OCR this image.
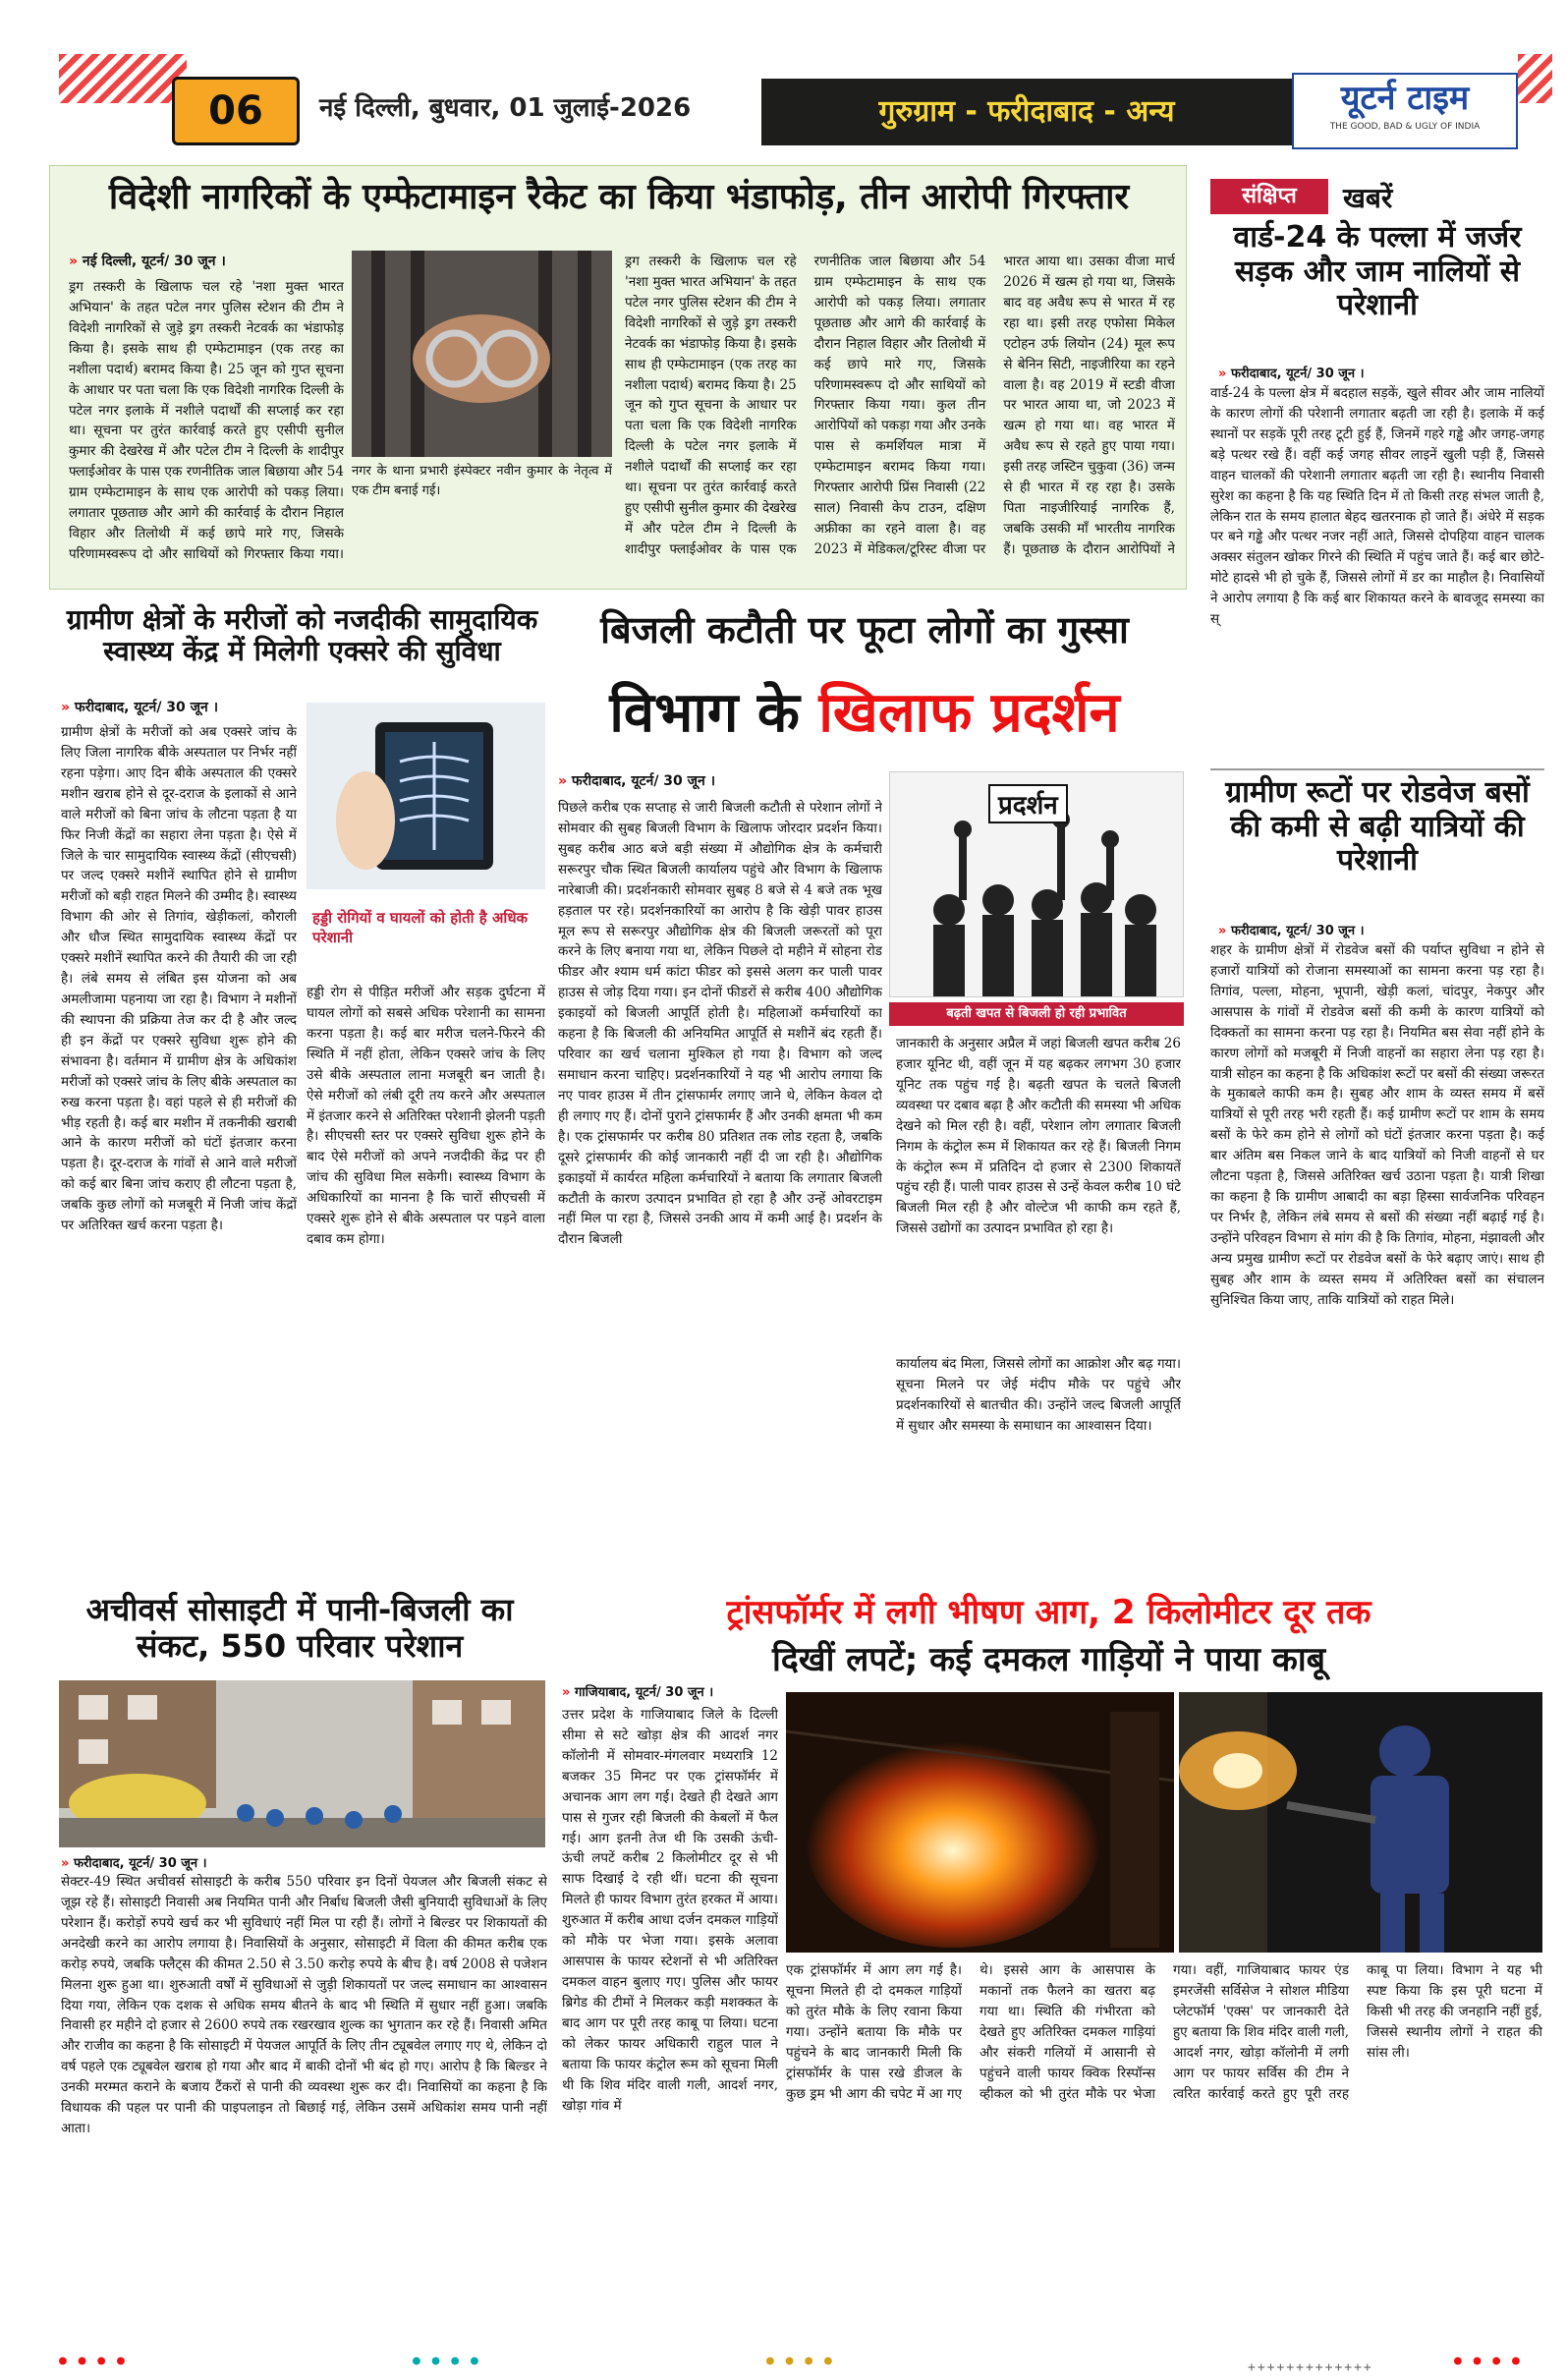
06	नई दिल्ली, बुधवार, 01 जुलाई-2026	गुरुग्राम - फरीदाबाद - अन्य	यूटर्न टाइम
THE GOOD, BAD & UGLY OF INDIA
विदेशी नागरिकों के एम्फेटामाइन रैकेट का किया भंडाफोड़, तीन आरोपी गिरफ्तार
» नई दिल्ली, यूटर्न/ 30 जून ।
नगर के थाना प्रभारी इंस्पेक्टर नवीन कुमार के नेतृत्व में एक टीम बनाई गई।
ड्रग तस्करी के खिलाफ चल रहे 'नशा मुक्त भारत अभियान' के तहत पटेल नगर पुलिस स्टेशन की टीम ने विदेशी नागरिकों से जुड़े ड्रग तस्करी नेटवर्क का भंडाफोड़ किया है। इसके साथ ही एम्फेटामाइन (एक तरह का नशीला पदार्थ) बरामद किया है। 25 जून को गुप्त सूचना के आधार पर पता चला कि एक विदेशी नागरिक दिल्ली के पटेल नगर इलाके में नशीले पदार्थों की सप्लाई कर रहा था। सूचना पर तुरंत कार्रवाई करते हुए एसीपी सुनील कुमार की देखरेख में और पटेल टीम ने दिल्ली के शादीपुर फ्लाईओवर के पास एक रणनीतिक जाल बिछाया और 54 ग्राम एम्फेटामाइन के साथ एक आरोपी को पकड़ लिया। लगातार पूछताछ और आगे की कार्रवाई के दौरान निहाल विहार और तिलोथी में कई छापे मारे गए, जिसके परिणामस्वरूप दो और साथियों को गिरफ्तार किया गया।
ड्रग तस्करी के खिलाफ चल रहे 'नशा मुक्त भारत अभियान' के तहत पटेल नगर पुलिस स्टेशन की टीम ने विदेशी नागरिकों से जुड़े ड्रग तस्करी नेटवर्क का भंडाफोड़ किया है। इसके साथ ही एम्फेटामाइन (एक तरह का नशीला पदार्थ) बरामद किया है। 25 जून को गुप्त सूचना के आधार पर पता चला कि एक विदेशी नागरिक दिल्ली के पटेल नगर इलाके में नशीले पदार्थों की सप्लाई कर रहा था। सूचना पर तुरंत कार्रवाई करते हुए एसीपी सुनील कुमार की देखरेख में और पटेल टीम ने दिल्ली के शादीपुर फ्लाईओवर के पास एक रणनीतिक जाल बिछाया और 54 ग्राम एम्फेटामाइन के साथ एक आरोपी को पकड़ लिया। लगातार पूछताछ और आगे की कार्रवाई के दौरान निहाल विहार और तिलोथी में कई छापे मारे गए, जिसके परिणामस्वरूप दो और साथियों को गिरफ्तार किया गया। कुल तीन आरोपियों को पकड़ा गया और उनके पास से कमर्शियल मात्रा में एम्फेटामाइन बरामद किया गया। गिरफ्तार आरोपी प्रिंस निवासी (22 साल) निवासी केप टाउन, दक्षिण अफ्रीका का रहने वाला है। वह 2023 में मेडिकल/टूरिस्ट वीजा पर भारत आया था। उसका वीजा मार्च 2026 में खत्म हो गया था, जिसके बाद वह अवैध रूप से भारत में रह रहा था। इसी तरह एफोसा मिकेल एटोहन उर्फ लियोन (24) मूल रूप से बेनिन सिटी, नाइजीरिया का रहने वाला है। वह 2019 में स्टडी वीजा पर भारत आया था, जो 2023 में खत्म हो गया था। वह भारत में अवैध रूप से रहते हुए पाया गया। इसी तरह जस्टिन चुकुवा (36) जन्म से ही भारत में रह रहा है। उसके पिता नाइजीरियाई नागरिक हैं, जबकि उसकी माँ भारतीय नागरिक हैं। पूछताछ के दौरान आरोपियों ने
संक्षिप्त	खबरें
वार्ड-24 के पल्ला में जर्जर सड़क और जाम नालियों से परेशानी
» फरीदाबाद, यूटर्न/ 30 जून ।
वार्ड-24 के पल्ला क्षेत्र में बदहाल सड़कें, खुले सीवर और जाम नालियों के कारण लोगों की परेशानी लगातार बढ़ती जा रही है। इलाके में कई स्थानों पर सड़कें पूरी तरह टूटी हुई हैं, जिनमें गहरे गड्ढे और जगह-जगह बड़े पत्थर रखे हैं। वहीं कई जगह सीवर लाइनें खुली पड़ी हैं, जिससे वाहन चालकों की परेशानी लगातार बढ़ती जा रही है। स्थानीय निवासी सुरेश का कहना है कि यह स्थिति दिन में तो किसी तरह संभल जाती है, लेकिन रात के समय हालात बेहद खतरनाक हो जाते हैं। अंधेरे में सड़क पर बने गड्ढे और पत्थर नजर नहीं आते, जिससे दोपहिया वाहन चालक अक्सर संतुलन खोकर गिरने की स्थिति में पहुंच जाते हैं। कई बार छोटे-मोटे हादसे भी हो चुके हैं, जिससे लोगों में डर का माहौल है। निवासियों ने आरोप लगाया है कि कई बार शिकायत करने के बावजूद समस्या का स्
ग्रामीण रूटों पर रोडवेज बसों की कमी से बढ़ी यात्रियों की परेशानी
» फरीदाबाद, यूटर्न/ 30 जून ।
शहर के ग्रामीण क्षेत्रों में रोडवेज बसों की पर्याप्त सुविधा न होने से हजारों यात्रियों को रोजाना समस्याओं का सामना करना पड़ रहा है। तिगांव, पल्ला, मोहना, भूपानी, खेड़ी कलां, चांदपुर, नेकपुर और आसपास के गांवों में रोडवेज बसों की कमी के कारण यात्रियों को दिक्कतों का सामना करना पड़ रहा है। नियमित बस सेवा नहीं होने के कारण लोगों को मजबूरी में निजी वाहनों का सहारा लेना पड़ रहा है। यात्री सोहन का कहना है कि अधिकांश रूटों पर बसों की संख्या जरूरत के मुकाबले काफी कम है। सुबह और शाम के व्यस्त समय में बसें यात्रियों से पूरी तरह भरी रहती हैं। कई ग्रामीण रूटों पर शाम के समय बसों के फेरे कम होने से लोगों को घंटों इंतजार करना पड़ता है। कई बार अंतिम बस निकल जाने के बाद यात्रियों को निजी वाहनों से घर लौटना पड़ता है, जिससे अतिरिक्त खर्च उठाना पड़ता है। यात्री शिखा का कहना है कि ग्रामीण आबादी का बड़ा हिस्सा सार्वजनिक परिवहन पर निर्भर है, लेकिन लंबे समय से बसों की संख्या नहीं बढ़ाई गई है। उन्होंने परिवहन विभाग से मांग की है कि तिगांव, मोहना, मंझावली और अन्य प्रमुख ग्रामीण रूटों पर रोडवेज बसों के फेरे बढ़ाए जाएं। साथ ही सुबह और शाम के व्यस्त समय में अतिरिक्त बसों का संचालन सुनिश्चित किया जाए, ताकि यात्रियों को राहत मिले।
ग्रामीण क्षेत्रों के मरीजों को नजदीकी सामुदायिक स्वास्थ्य केंद्र में मिलेगी एक्सरे की सुविधा
» फरीदाबाद, यूटर्न/ 30 जून ।
ग्रामीण क्षेत्रों के मरीजों को अब एक्सरे जांच के लिए जिला नागरिक बीके अस्पताल पर निर्भर नहीं रहना पड़ेगा। आए दिन बीके अस्पताल की एक्सरे मशीन खराब होने से दूर-दराज के इलाकों से आने वाले मरीजों को बिना जांच के लौटना पड़ता है या फिर निजी केंद्रों का सहारा लेना पड़ता है। ऐसे में जिले के चार सामुदायिक स्वास्थ्य केंद्रों (सीएचसी) पर जल्द एक्सरे मशीनें स्थापित होने से ग्रामीण मरीजों को बड़ी राहत मिलने की उम्मीद है। स्वास्थ्य विभाग की ओर से तिगांव, खेड़ीकलां, कौराली और धौज स्थित सामुदायिक स्वास्थ्य केंद्रों पर एक्सरे मशीनें स्थापित करने की तैयारी की जा रही है। लंबे समय से लंबित इस योजना को अब अमलीजामा पहनाया जा रहा है। विभाग ने मशीनों की स्थापना की प्रक्रिया तेज कर दी है और जल्द ही इन केंद्रों पर एक्सरे सुविधा शुरू होने की संभावना है। वर्तमान में ग्रामीण क्षेत्र के अधिकांश मरीजों को एक्सरे जांच के लिए बीके अस्पताल का रुख करना पड़ता है। वहां पहले से ही मरीजों की भीड़ रहती है। कई बार मशीन में तकनीकी खराबी आने के कारण मरीजों को घंटों इंतजार करना पड़ता है। दूर-दराज के गांवों से आने वाले मरीजों को कई बार बिना जांच कराए ही लौटना पड़ता है, जबकि कुछ लोगों को मजबूरी में निजी जांच केंद्रों पर अतिरिक्त खर्च करना पड़ता है।
हड्डी रोगियों व घायलों को होती है अधिक परेशानी
हड्डी रोग से पीड़ित मरीजों और सड़क दुर्घटना में घायल लोगों को सबसे अधिक परेशानी का सामना करना पड़ता है। कई बार मरीज चलने-फिरने की स्थिति में नहीं होता, लेकिन एक्सरे जांच के लिए उसे बीके अस्पताल लाना मजबूरी बन जाती है। ऐसे मरीजों को लंबी दूरी तय करने और अस्पताल में इंतजार करने से अतिरिक्त परेशानी झेलनी पड़ती है। सीएचसी स्तर पर एक्सरे सुविधा शुरू होने के बाद ऐसे मरीजों को अपने नजदीकी केंद्र पर ही जांच की सुविधा मिल सकेगी। स्वास्थ्य विभाग के अधिकारियों का मानना है कि चारों सीएचसी में एक्सरे शुरू होने से बीके अस्पताल पर पड़ने वाला दबाव कम होगा।
बिजली कटौती पर फूटा लोगों का गुस्सा
विभाग के खिलाफ प्रदर्शन
» फरीदाबाद, यूटर्न/ 30 जून ।
पिछले करीब एक सप्ताह से जारी बिजली कटौती से परेशान लोगों ने सोमवार की सुबह बिजली विभाग के खिलाफ जोरदार प्रदर्शन किया। सुबह करीब आठ बजे बड़ी संख्या में औद्योगिक क्षेत्र के कर्मचारी सरूरपुर चौक स्थित बिजली कार्यालय पहुंचे और विभाग के खिलाफ नारेबाजी की। प्रदर्शनकारी सोमवार सुबह 8 बजे से 4 बजे तक भूख हड़ताल पर रहे। प्रदर्शनकारियों का आरोप है कि खेड़ी पावर हाउस मूल रूप से सरूरपुर औद्योगिक क्षेत्र की बिजली जरूरतों को पूरा करने के लिए बनाया गया था, लेकिन पिछले दो महीने में सोहना रोड फीडर और श्याम धर्म कांटा फीडर को इससे अलग कर पाली पावर हाउस से जोड़ दिया गया। इन दोनों फीडरों से करीब 400 औद्योगिक इकाइयों को बिजली आपूर्ति होती है। महिलाओं कर्मचारियों का कहना है कि बिजली की अनियमित आपूर्ति से मशीनें बंद रहती हैं। परिवार का खर्च चलाना मुश्किल हो गया है। विभाग को जल्द समाधान करना चाहिए। प्रदर्शनकारियों ने यह भी आरोप लगाया कि नए पावर हाउस में तीन ट्रांसफार्मर लगाए जाने थे, लेकिन केवल दो ही लगाए गए हैं। दोनों पुराने ट्रांसफार्मर हैं और उनकी क्षमता भी कम है। एक ट्रांसफार्मर पर करीब 80 प्रतिशत तक लोड रहता है, जबकि दूसरे ट्रांसफार्मर की कोई जानकारी नहीं दी जा रही है। औद्योगिक इकाइयों में कार्यरत महिला कर्मचारियों ने बताया कि लगातार बिजली कटौती के कारण उत्पादन प्रभावित हो रहा है और उन्हें ओवरटाइम नहीं मिल पा रहा है, जिससे उनकी आय में कमी आई है। प्रदर्शन के दौरान बिजली
प्रदर्शन
बढ़ती खपत से बिजली हो रही प्रभावित
जानकारी के अनुसार अप्रैल में जहां बिजली खपत करीब 26 हजार यूनिट थी, वहीं जून में यह बढ़कर लगभग 30 हजार यूनिट तक पहुंच गई है। बढ़ती खपत के चलते बिजली व्यवस्था पर दबाव बढ़ा है और कटौती की समस्या भी अधिक देखने को मिल रही है। वहीं, परेशान लोग लगातार बिजली निगम के कंट्रोल रूम में शिकायत कर रहे हैं। बिजली निगम के कंट्रोल रूम में प्रतिदिन दो हजार से 2300 शिकायतें पहुंच रही हैं। पाली पावर हाउस से उन्हें केवल करीब 10 घंटे बिजली मिल रही है और वोल्टेज भी काफी कम रहते हैं, जिससे उद्योगों का उत्पादन प्रभावित हो रहा है।
कार्यालय बंद मिला, जिससे लोगों का आक्रोश और बढ़ गया। सूचना मिलने पर जेई मंदीप मौके पर पहुंचे और प्रदर्शनकारियों से बातचीत की। उन्होंने जल्द बिजली आपूर्ति में सुधार और समस्या के समाधान का आश्वासन दिया।
अचीवर्स सोसाइटी में पानी-बिजली का संकट, 550 परिवार परेशान
» फरीदाबाद, यूटर्न/ 30 जून ।
सेक्टर-49 स्थित अचीवर्स सोसाइटी के करीब 550 परिवार इन दिनों पेयजल और बिजली संकट से जूझ रहे हैं। सोसाइटी निवासी अब नियमित पानी और निर्बाध बिजली जैसी बुनियादी सुविधाओं के लिए परेशान हैं। करोड़ों रुपये खर्च कर भी सुविधाएं नहीं मिल पा रही हैं। लोगों ने बिल्डर पर शिकायतों की अनदेखी करने का आरोप लगाया है। निवासियों के अनुसार, सोसाइटी में विला की कीमत करीब एक करोड़ रुपये, जबकि फ्लैट्स की कीमत 2.50 से 3.50 करोड़ रुपये के बीच है। वर्ष 2008 से पजेशन मिलना शुरू हुआ था। शुरुआती वर्षों में सुविधाओं से जुड़ी शिकायतों पर जल्द समाधान का आश्वासन दिया गया, लेकिन एक दशक से अधिक समय बीतने के बाद भी स्थिति में सुधार नहीं हुआ। जबकि निवासी हर महीने दो हजार से 2600 रुपये तक रखरखाव शुल्क का भुगतान कर रहे हैं। निवासी अमित और राजीव का कहना है कि सोसाइटी में पेयजल आपूर्ति के लिए तीन ट्यूबवेल लगाए गए थे, लेकिन दो वर्ष पहले एक ट्यूबवेल खराब हो गया और बाद में बाकी दोनों भी बंद हो गए। आरोप है कि बिल्डर ने उनकी मरम्मत कराने के बजाय टैंकरों से पानी की व्यवस्था शुरू कर दी। निवासियों का कहना है कि विधायक की पहल पर पानी की पाइपलाइन तो बिछाई गई, लेकिन उसमें अधिकांश समय पानी नहीं आता।
ट्रांसफॉर्मर में लगी भीषण आग, 2 किलोमीटर दूर तक
दिखीं लपटें; कई दमकल गाड़ियों ने पाया काबू
» गाजियाबाद, यूटर्न/ 30 जून ।
उत्तर प्रदेश के गाजियाबाद जिले के दिल्ली सीमा से सटे खोड़ा क्षेत्र की आदर्श नगर कॉलोनी में सोमवार-मंगलवार मध्यरात्रि 12 बजकर 35 मिनट पर एक ट्रांसफॉर्मर में अचानक आग लग गई। देखते ही देखते आग पास से गुजर रही बिजली की केबलों में फैल गई। आग इतनी तेज थी कि उसकी ऊंची-ऊंची लपटें करीब 2 किलोमीटर दूर से भी साफ दिखाई दे रही थीं। घटना की सूचना मिलते ही फायर विभाग तुरंत हरकत में आया। शुरुआत में करीब आधा दर्जन दमकल गाड़ियों को मौके पर भेजा गया। इसके अलावा आसपास के फायर स्टेशनों से भी अतिरिक्त दमकल वाहन बुलाए गए। पुलिस और फायर ब्रिगेड की टीमों ने मिलकर कड़ी मशक्कत के बाद आग पर पूरी तरह काबू पा लिया। घटना को लेकर फायर अधिकारी राहुल पाल ने बताया कि फायर कंट्रोल रूम को सूचना मिली थी कि शिव मंदिर वाली गली, आदर्श नगर, खोड़ा गांव में
एक ट्रांसफॉर्मर में आग लग गई है। सूचना मिलते ही दो दमकल गाड़ियों को तुरंत मौके के लिए रवाना किया गया। उन्होंने बताया कि मौके पर पहुंचने के बाद जानकारी मिली कि ट्रांसफॉर्मर के पास रखे डीजल के कुछ ड्रम भी आग की चपेट में आ गए थे। इससे आग के आसपास के मकानों तक फैलने का खतरा बढ़ गया था। स्थिति की गंभीरता को देखते हुए अतिरिक्त दमकल गाड़ियां और संकरी गलियों में आसानी से पहुंचने वाली फायर क्विक रिस्पॉन्स व्हीकल को भी तुरंत मौके पर भेजा गया। वहीं, गाजियाबाद फायर एंड इमरजेंसी सर्विसेज ने सोशल मीडिया प्लेटफॉर्म 'एक्स' पर जानकारी देते हुए बताया कि शिव मंदिर वाली गली, आदर्श नगर, खोड़ा कॉलोनी में लगी आग पर फायर सर्विस की टीम ने त्वरित कार्रवाई करते हुए पूरी तरह काबू पा लिया। विभाग ने यह भी स्पष्ट किया कि इस पूरी घटना में किसी भी तरह की जनहानि नहीं हुई, जिससे स्थानीय लोगों ने राहत की सांस ली।
● ● ● ●	● ● ● ●	● ● ● ●	+++++++++++++	● ● ● ●
